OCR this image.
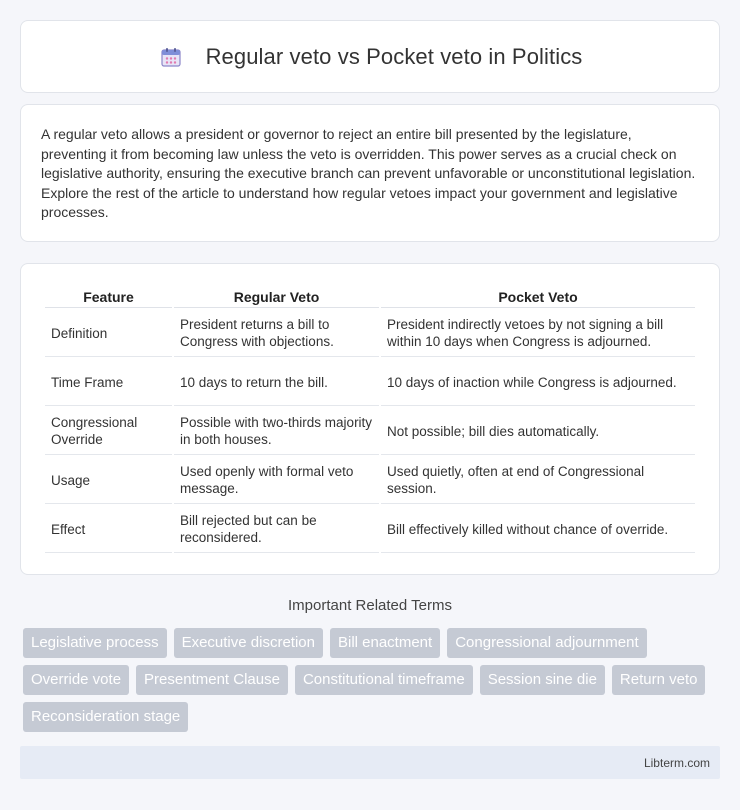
Regular veto vs Pocket veto in Politics

A regular veto allows a president or governor to reject an entire bill presented by the legislature, preventing it from becoming law unless the veto is overridden. This power serves as a crucial check on legislative authority, ensuring the executive branch can prevent unfavorable or unconstitutional legislation. Explore the rest of the article to understand how regular vetoes impact your government and legislative processes.

Feature	Regular Veto	Pocket Veto
Definition	President returns a bill to Congress with objections.	President indirectly vetoes by not signing a bill within 10 days when Congress is adjourned.
Time Frame	10 days to return the bill.	10 days of inaction while Congress is adjourned.
Congressional Override	Possible with two-thirds majority in both houses.	Not possible; bill dies automatically.
Usage	Used openly with formal veto message.	Used quietly, often at end of Congressional session.
Effect	Bill rejected but can be reconsidered.	Bill effectively killed without chance of override.
Important Related Terms
Legislative process	Executive discretion	Bill enactment	Congressional adjournment
Override vote	Presentment Clause	Constitutional timeframe	Session sine die	Return veto
Reconsideration stage
Libterm.com
